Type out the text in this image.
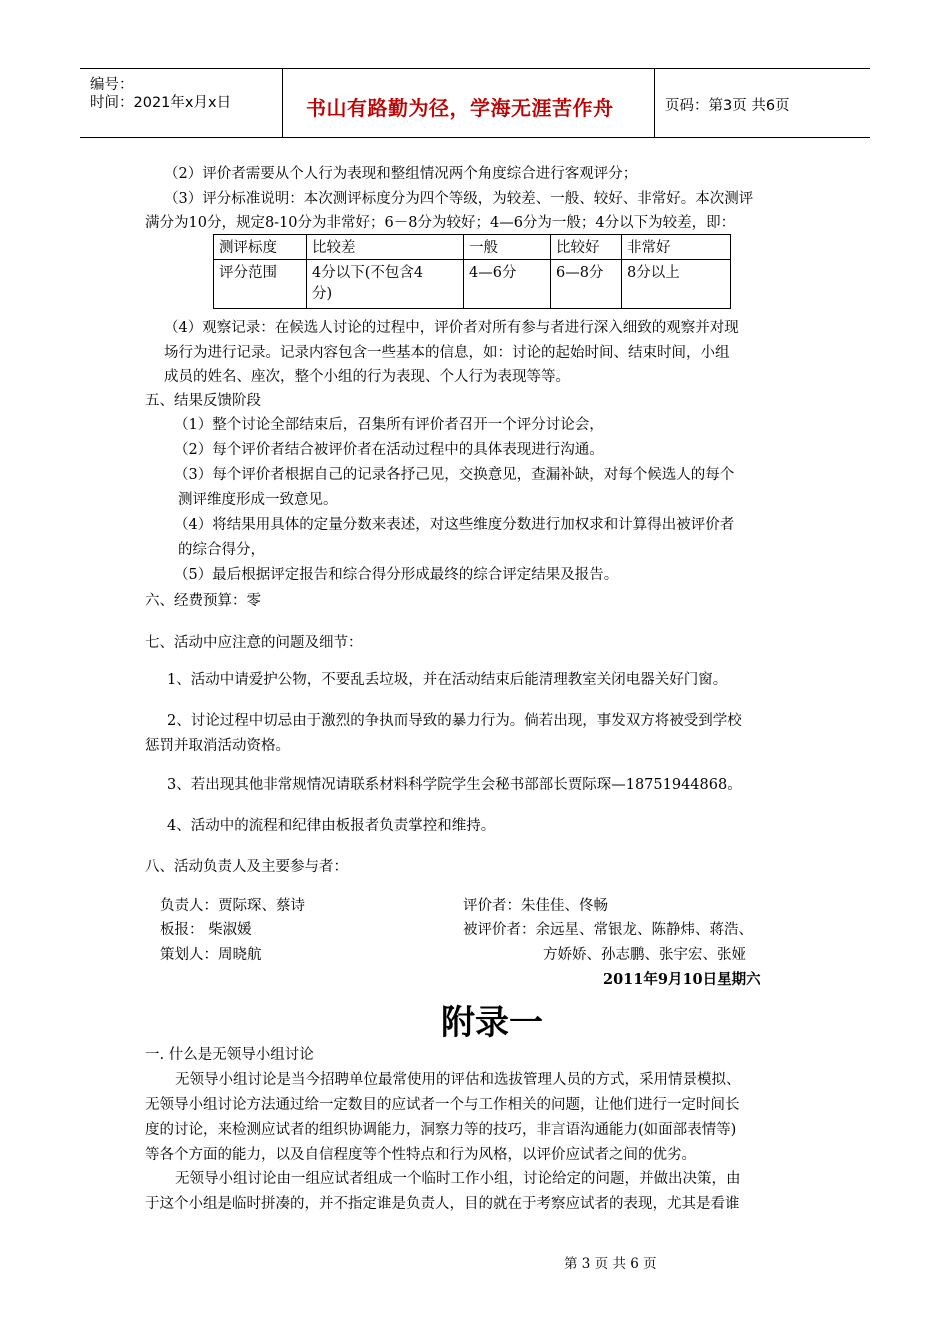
编号：
时间：2021年x月x日	书山有路勤为径，学海无涯苦作舟	页码：第3页 共6页
（2）评价者需要从个人行为表现和整组情况两个角度综合进行客观评分；
（3）评分标准说明：本次测评标度分为四个等级，为较差、一般、较好、非常好。本次测评
满分为10分，规定8-10分为非常好；6－8分为较好；4—6分为一般；4分以下为较差，即：
测评标度	比较差	一般	比较好	非常好
评分范围	4分以下(不包含4
分)	4—6分	6—8分	8分以上
（4）观察记录：在候选人讨论的过程中，评价者对所有参与者进行深入细致的观察并对现
场行为进行记录。记录内容包含一些基本的信息，如：讨论的起始时间、结束时间，小组
成员的姓名、座次，整个小组的行为表现、个人行为表现等等。
五、结果反馈阶段
（1）整个讨论全部结束后，召集所有评价者召开一个评分讨论会，
（2）每个评价者结合被评价者在活动过程中的具体表现进行沟通。
（3）每个评价者根据自己的记录各抒己见，交换意见，查漏补缺，对每个候选人的每个
测评维度形成一致意见。
（4）将结果用具体的定量分数来表述，对这些维度分数进行加权求和计算得出被评价者
的综合得分，
（5）最后根据评定报告和综合得分形成最终的综合评定结果及报告。
六、经费预算：零
七、活动中应注意的问题及细节：
1、活动中请爱护公物，不要乱丢垃圾，并在活动结束后能清理教室关闭电器关好门窗。
2、讨论过程中切忌由于激烈的争执而导致的暴力行为。倘若出现，事发双方将被受到学校
惩罚并取消活动资格。
3、若出现其他非常规情况请联系材料科学院学生会秘书部部长贾际琛—18751944868。
4、活动中的流程和纪律由板报者负责掌控和维持。
八、活动负责人及主要参与者：
负责人：贾际琛、蔡诗
板报： 柴淑媛
策划人：周晓航
评价者：朱佳佳、佟畅
被评价者：余远星、常银龙、陈静炜、蒋浩、
方娇娇、孙志鹏、张宇宏、张娅
2011年9月10日星期六
附录一
一. 什么是无领导小组讨论
无领导小组讨论是当今招聘单位最常使用的评估和选拔管理人员的方式，采用情景模拟、
无领导小组讨论方法通过给一定数目的应试者一个与工作相关的问题，让他们进行一定时间长
度的讨论，来检测应试者的组织协调能力，洞察力等的技巧，非言语沟通能力(如面部表情等)
等各个方面的能力，以及自信程度等个性特点和行为风格，以评价应试者之间的优劣。
无领导小组讨论由一组应试者组成一个临时工作小组，讨论给定的问题，并做出决策，由
于这个小组是临时拼凑的，并不指定谁是负责人，目的就在于考察应试者的表现，尤其是看谁
第 3 页 共 6 页
